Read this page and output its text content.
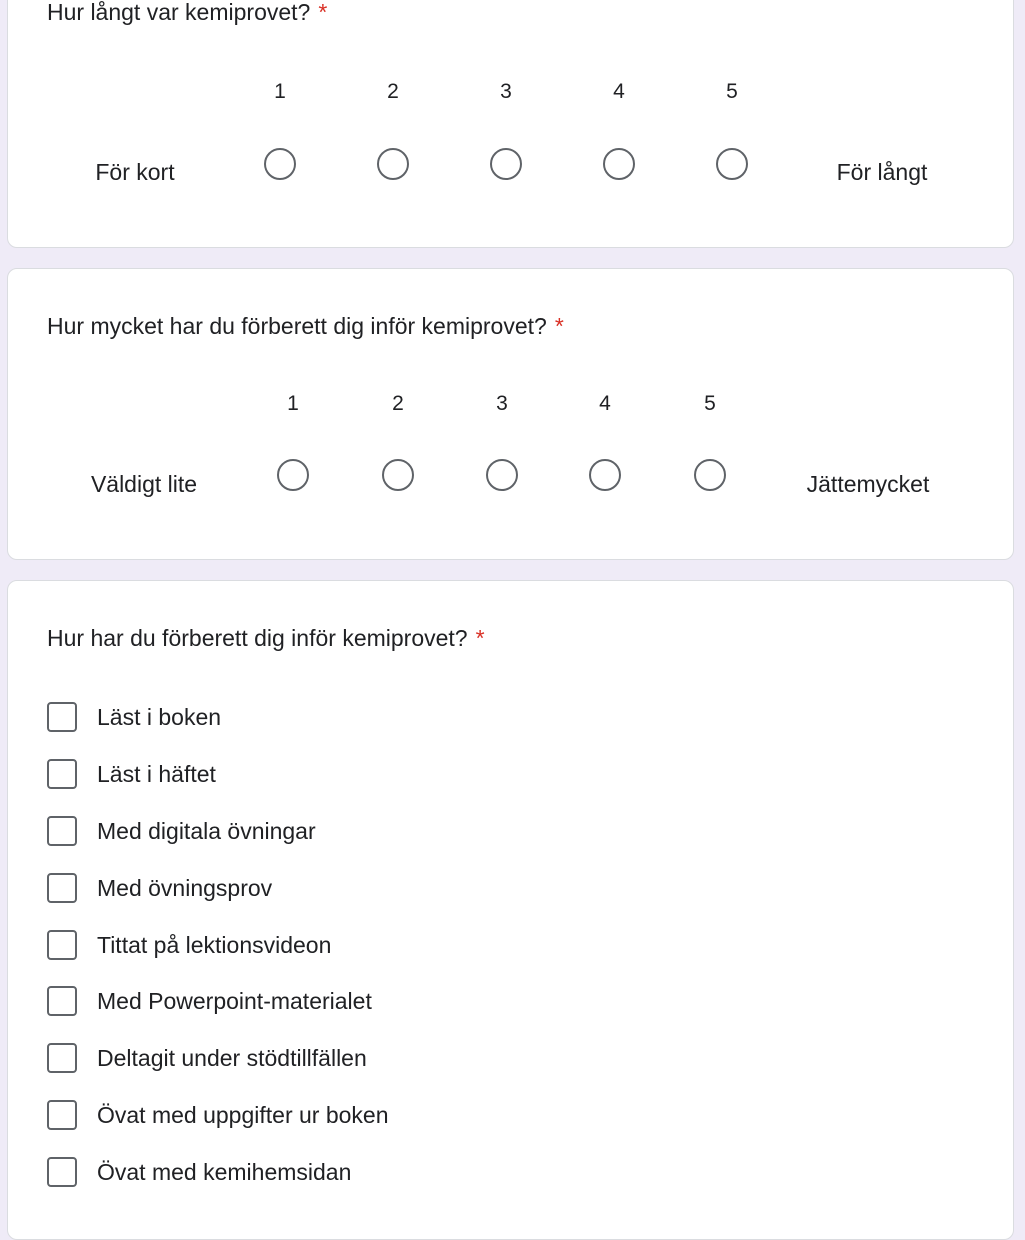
Hur långt var kemiprovet? *
1	2	3	4	5
För kort	För långt
Hur mycket har du förberett dig inför kemiprovet? *
1	2	3	4	5
Väldigt lite	Jättemycket
Hur har du förberett dig inför kemiprovet? *
Läst i boken
Läst i häftet
Med digitala övningar
Med övningsprov
Tittat på lektionsvideon
Med Powerpoint-materialet
Deltagit under stödtillfällen
Övat med uppgifter ur boken
Övat med kemihemsidan
